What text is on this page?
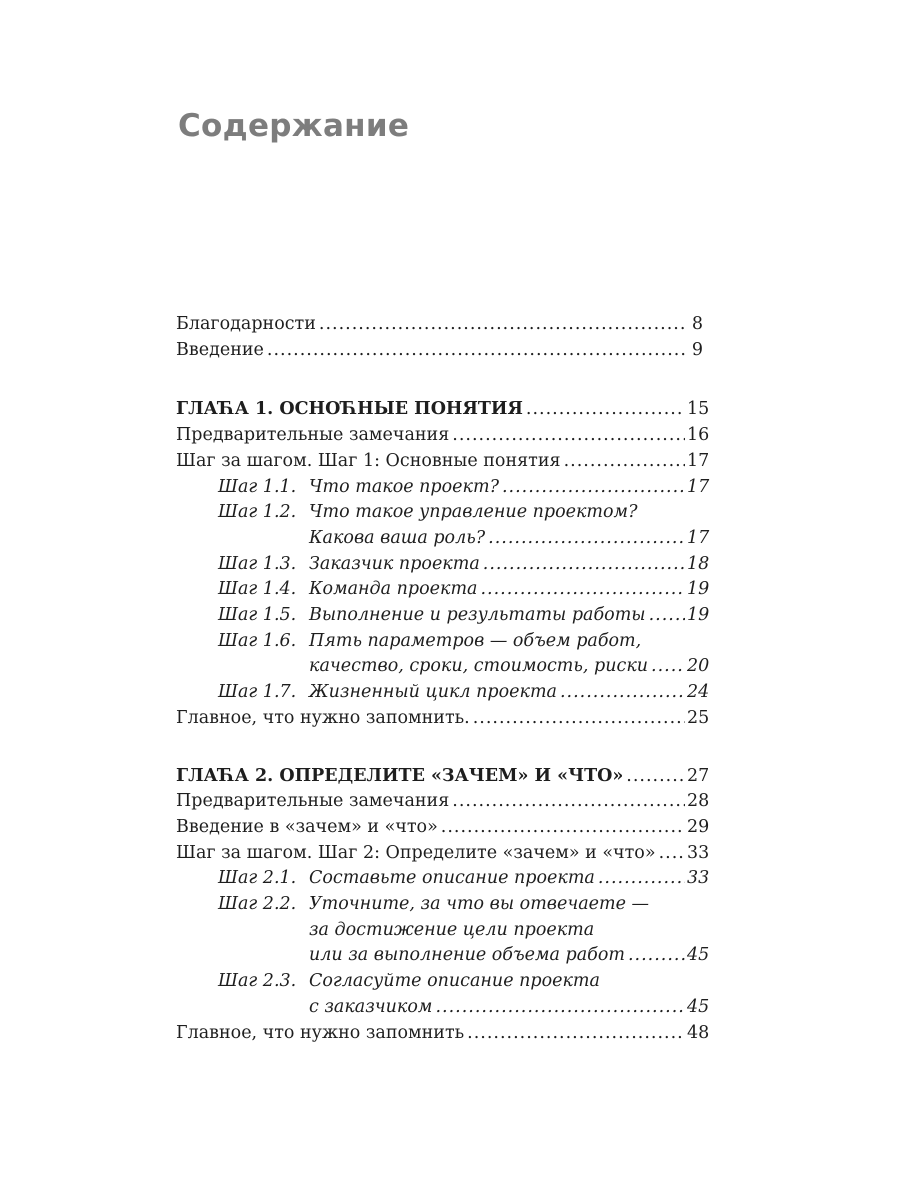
Содержание
Благодарности .....	8
Введение .....	9
ГЛАЋА 1. ОСНОЋНЫЕ ПОНЯТИЯ .....	15
Предварительные замечания .....	16
Шаг за шагом. Шаг 1: Основные понятия .....	17
Шаг 1.1. Что такое проект? .....	17
Шаг 1.2. Что такое управление проектом?
Какова ваша роль? .....	17
Шаг 1.3. Заказчик проекта .....	18
Шаг 1.4. Команда проекта .....	19
Шаг 1.5. Выполнение и результаты работы ..... 19
Шаг 1.6. Пять параметров — объем работ,
качество, сроки, стоимость, риски ..... 20
Шаг 1.7. Жизненный цикл проекта .....	24
Главное, что нужно запомнить. .....	25
ГЛАЋА 2. ОПРЕДЕЛИТЕ «ЗАЧЕМ» И «ЧТО» .....	27
Предварительные замечания .....	28
Введение в «зачем» и «что» .....	29
Шаг за шагом. Шаг 2: Определите «зачем» и «что» ..... 33
Шаг 2.1. Составьте описание проекта .....	33
Шаг 2.2. Уточните, за что вы отвечаете —
за достижение цели проекта
или за выполнение объема работ .....	45
Шаг 2.3. Согласуйте описание проекта
с заказчиком .....	45
Главное, что нужно запомнить .....	48
